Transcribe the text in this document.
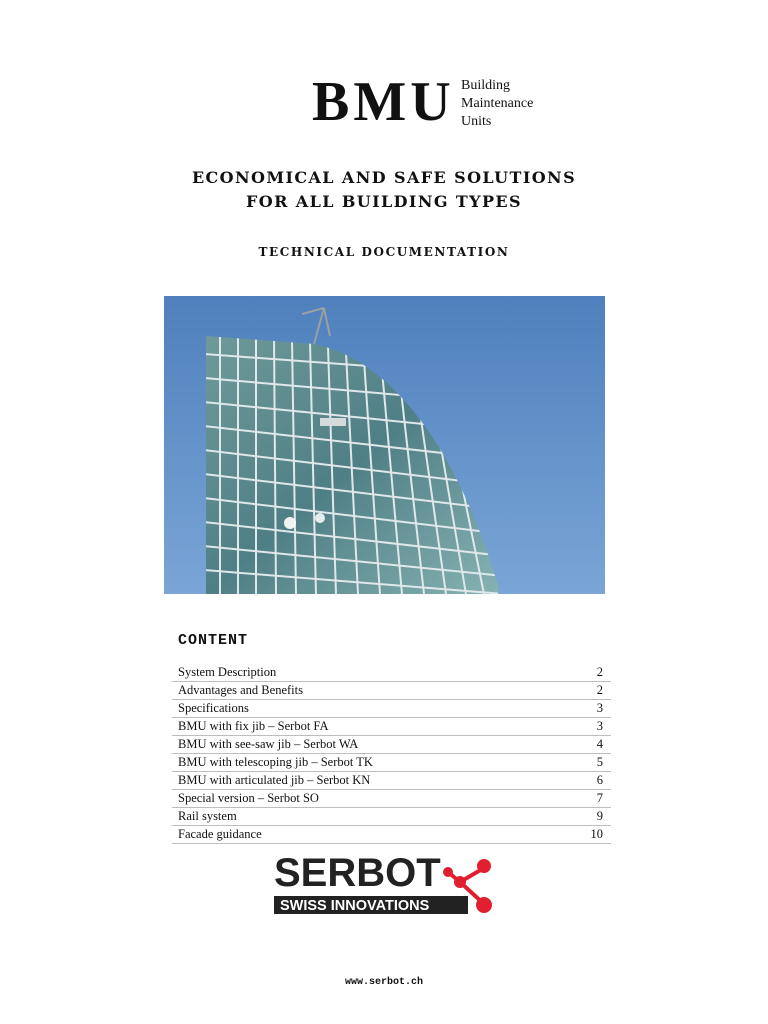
BMU Building
Maintenance
Units
ECONOMICAL AND SAFE SOLUTIONS
FOR ALL BUILDING TYPES
TECHNICAL DOCUMENTATION
CONTENT
System Description	2
Advantages and Benefits	2
Specifications	3
BMU with fix jib – Serbot FA	3
BMU with see-saw jib – Serbot WA	4
BMU with telescoping jib – Serbot TK	5
BMU with articulated jib – Serbot KN	6
Special version – Serbot SO	7
Rail system	9
Facade guidance	10
SERBOT
SWISS INNOVATIONS
www.serbot.ch
